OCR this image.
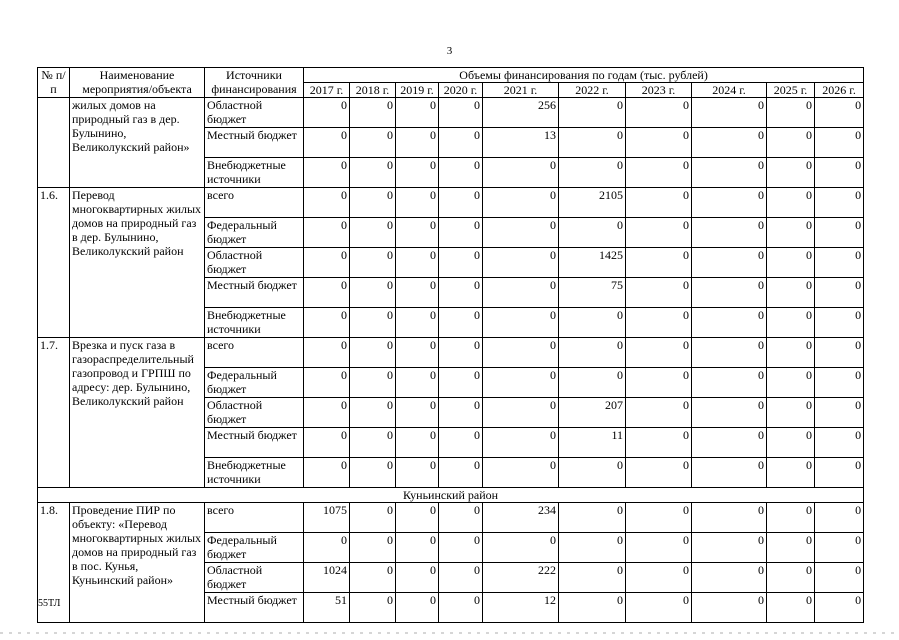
3
№ п/п	Наименование мероприятия/объекта	Источники финансирования	Объемы финансирования по годам (тыс. рублей)									
			2017 г.	2018 г.	2019 г.	2020 г.	2021 г.	2022 г.	2023 г.	2024 г.	2025 г.	2026 г.
	жилых домов на природный газ в дер. Булынино, Великолукский район»	Областной бюджет	0	0	0	0	256	0	0	0	0	0
		Местный бюджет	0	0	0	0	13	0	0	0	0	0
		Внебюджетные источники	0	0	0	0	0	0	0	0	0	0
1.6.	Перевод многоквартирных жилых домов на природный газ в дер. Булынино, Великолукский район	всего	0	0	0	0	0	2105	0	0	0	0
		Федеральный бюджет	0	0	0	0	0	0	0	0	0	0
		Областной бюджет	0	0	0	0	0	1425	0	0	0	0
		Местный бюджет	0	0	0	0	0	75	0	0	0	0
		Внебюджетные источники	0	0	0	0	0	0	0	0	0	0
1.7.	Врезка и пуск газа в газораспределительный газопровод и ГРПШ по адресу: дер. Булынино, Великолукский район	всего	0	0	0	0	0	0	0	0	0	0
		Федеральный бюджет	0	0	0	0	0	0	0	0	0	0
		Областной бюджет	0	0	0	0	0	207	0	0	0	0
		Местный бюджет	0	0	0	0	0	11	0	0	0	0
		Внебюджетные источники	0	0	0	0	0	0	0	0	0	0
Куньинский район												
1.8.	Проведение ПИР по объекту: «Перевод многоквартирных жилых домов на природный газ в пос. Кунья, Куньинский район»	всего	1075	0	0	0	234	0	0	0	0	0
		Федеральный бюджет	0	0	0	0	0	0	0	0	0	0
		Областной бюджет	1024	0	0	0	222	0	0	0	0	0
		Местный бюджет	51	0	0	0	12	0	0	0	0	0
55ТЛ
